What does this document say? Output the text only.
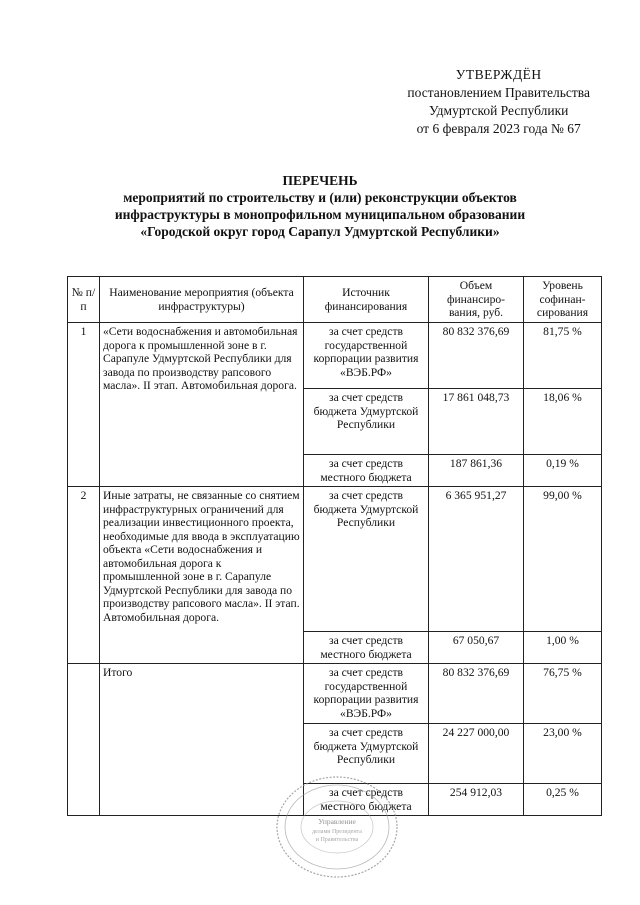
УТВЕРЖДЁН
постановлением Правительства
Удмуртской Республики
от 6 февраля 2023 года № 67
ПЕРЕЧЕНЬ
мероприятий по строительству и (или) реконструкции объектов
инфраструктуры в монопрофильном муниципальном образовании
«Городской округ город Сарапул Удмуртской Республики»
№ п/п	Наименование мероприятия (объекта инфраструктуры)	Источник финансирования	Объем финансиро-вания, руб.	Уровень софинан-сирования
1	«Сети водоснабжения и автомобильная дорога к промышленной зоне в г. Сарапуле Удмуртской Республики для завода по производству рапсового масла». II этап. Автомобильная дорога.	за счет средств государственной корпорации развития «ВЭБ.РФ»	80 832 376,69	81,75 %
		за счет средств бюджета Удмуртской Республики	17 861 048,73	18,06 %
		за счет средств местного бюджета	187 861,36	0,19 %
2	Иные затраты, не связанные со снятием инфраструктурных ограничений для реализации инвестиционного проекта, необходимые для ввода в эксплуатацию объекта «Сети водоснабжения и автомобильная дорога к промышленной зоне в г. Сарапуле Удмуртской Республики для завода по производству рапсового масла». II этап. Автомобильная дорога.	за счет средств бюджета Удмуртской Республики	6 365 951,27	99,00 %
		за счет средств местного бюджета	67 050,67	1,00 %
	Итого	за счет средств государственной корпорации развития «ВЭБ.РФ»	80 832 376,69	76,75 %
		за счет средств бюджета Удмуртской Республики	24 227 000,00	23,00 %
		за счет средств местного бюджета	254 912,03	0,25 %
Управление
делами Президента
и Правительства
